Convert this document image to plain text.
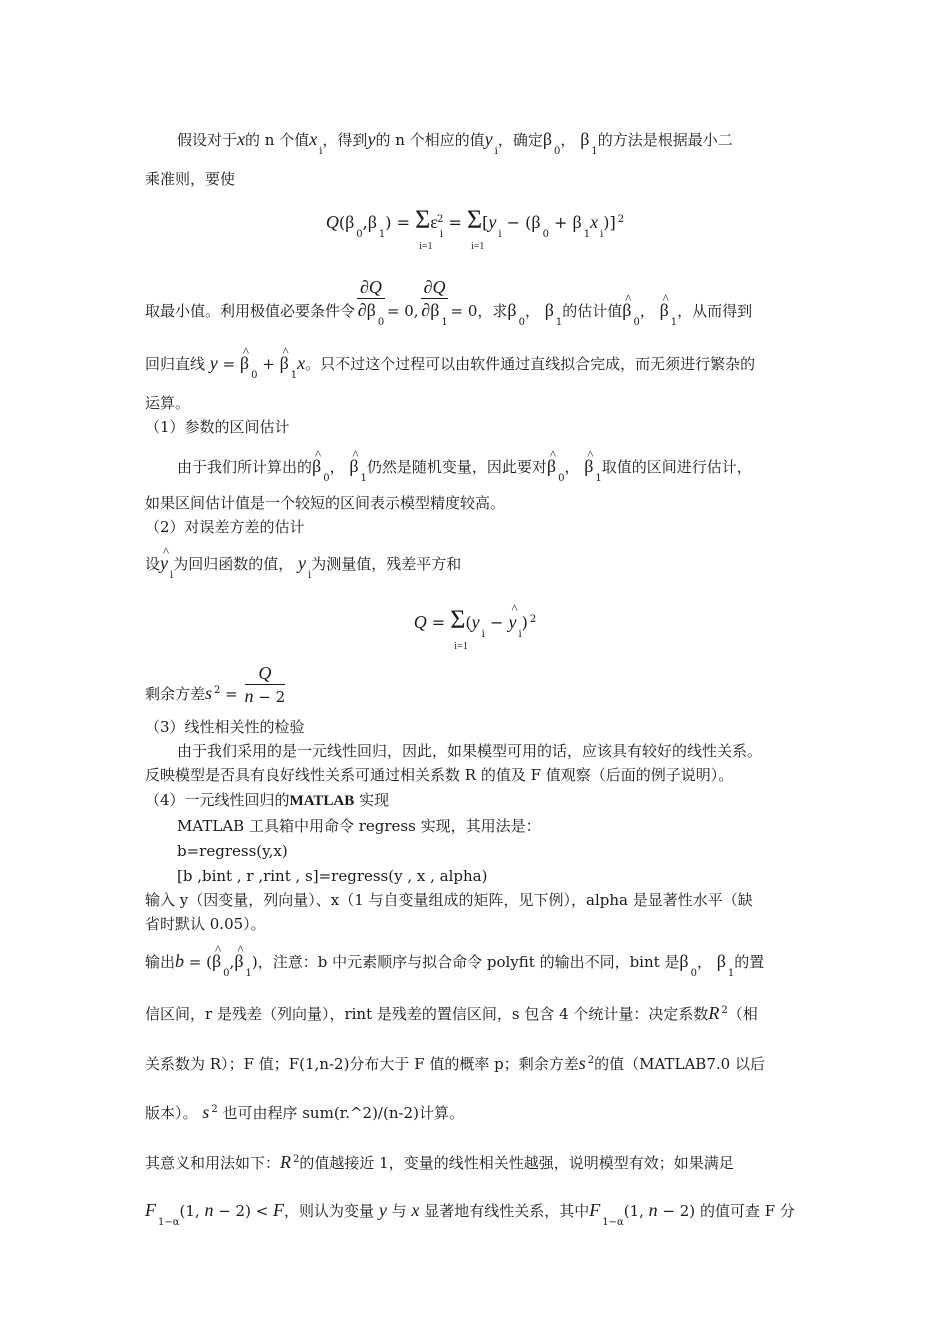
假设对于x的 n 个值$x_i$，得到y的 n 个相应的值$y_i$，确定$\beta_0$， $\beta_1$的方法是根据最小二
乘准则，要使
$Q(\beta_0,\beta_1) = \Sigma$
i=1
$\varepsilon_i^2 = \Sigma$
i=1
$[y_i - (\beta_0 + \beta_1x_i)]$ $^2$
取最小值。利用极值必要条件令 $\frac{\partial Q}{\partial\beta_0} = 0$, $\frac{\partial Q}{\partial\beta_1} = 0$，求$\beta_0$， $\beta_1$的估计值^ $\beta_0$， ^ $\beta_1$，从而得到
回归直线 y = ^ $\beta_0$ + ^ $\beta_1x$。只不过这个过程可以由软件通过直线拟合完成，而无须进行繁杂的
运算。
（1）参数的区间估计
由于我们所计算出的^ $\beta_0$， ^ $\beta_1$仍然是随机变量，因此要对^ $\beta_0$， ^ $\beta_1$取值的区间进行估计，
如果区间估计值是一个较短的区间表示模型精度较高。
（2）对误差方差的估计
设^ $y_i$为回归函数的值， $y_i$为测量值，残差平方和
Q = Σ
i=1
($y_i$ − ^ $y_i$) $^2$
剩余方差s $^2 = \frac{Q}{n - 2}$
（3）线性相关性的检验
由于我们采用的是一元线性回归，因此，如果模型可用的话，应该具有较好的线性关系。
反映模型是否具有良好线性关系可通过相关系数 R 的值及 F 值观察（后面的例子说明）。
（4）一元线性回归的MATLAB 实现
MATLAB 工具箱中用命令 regress 实现，其用法是：
b=regress(y,x)
[b ,bint , r ,rint , s]=regress(y , x , alpha)
输入 y（因变量，列向量）、x（1 与自变量组成的矩阵，见下例），alpha 是显著性水平（缺
省时默认 0.05）。
输出b = (^ $\beta_0,\^{}$ $\beta_1$)，注意：b 中元素顺序与拟合命令 polyfit 的输出不同，bint 是$\beta_0$， $\beta_1$的置
信区间，r 是残差（列向量），rint 是残差的置信区间，s 包含 4 个统计量：决定系数R $^2$（相
关系数为 R）；F 值；F(1,n-2)分布大于 F 值的概率 p；剩余方差s $^2$的值（MATLAB7.0 以后
版本）。 s $^2$ 也可由程序 sum(r.^2)/(n-2)计算。
其意义和用法如下：R $^2$的值越接近 1，变量的线性相关性越强，说明模型有效；如果满足
$F_{1-\alpha}(1$, n − 2) < F，则认为变量 y 与 x 显著地有线性关系，其中$F_{1-\alpha}(1$, n − 2) 的值可查 F 分
